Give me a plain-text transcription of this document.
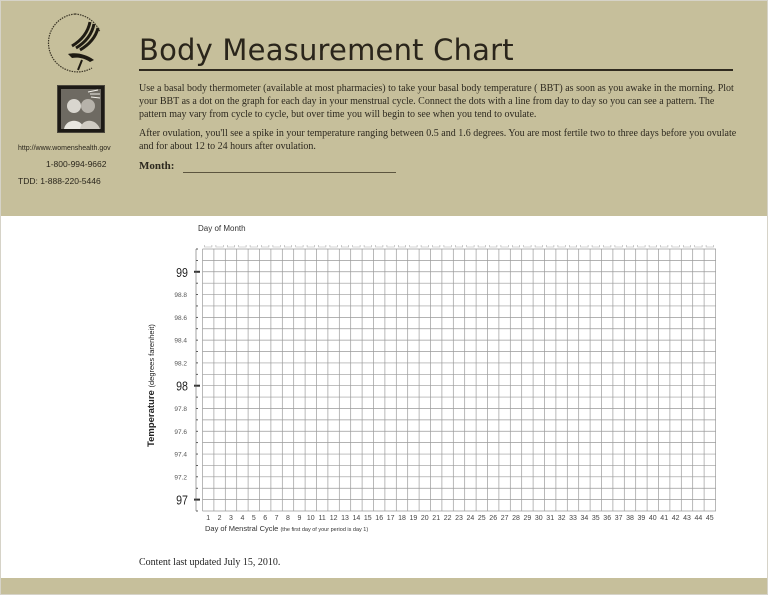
http://www.womenshealth.gov
1-800-994-9662
TDD: 1-888-220-5446
Body Measurement Chart

Use a basal body thermometer (available at most pharmacies) to take your basal body temperature ( BBT) as soon as you awake in the morning. Plot your BBT as a dot on the graph for each day in your menstrual cycle. Connect the dots with a line from day to day so you can see a pattern. The pattern may vary from cycle to cycle, but over time you will begin to see when you tend to ovulate.

After ovulation, you'll see a spike in your temperature ranging between 0.5 and 1.6 degrees. You are most fertile two to three days before you ovulate and for about 12 to 24 hours after ovulation.

Month:
Day of Month
99
98.8
98.6
98.4
98.2
98
97.8
97.6
97.4
97.2
97
1 2 3 4 5 6 7 8 9 10 11 12 13 14 15 16 17 18 19 20 21 22 23 24 25 26 27 28 29 30 31 32 33 34 35 36 37 38 39 40 41 42 43 44 45
Day of Menstral Cycle (the first day of your period is day 1)
Temperature (degrees farenheit)
Content last updated July 15, 2010.
